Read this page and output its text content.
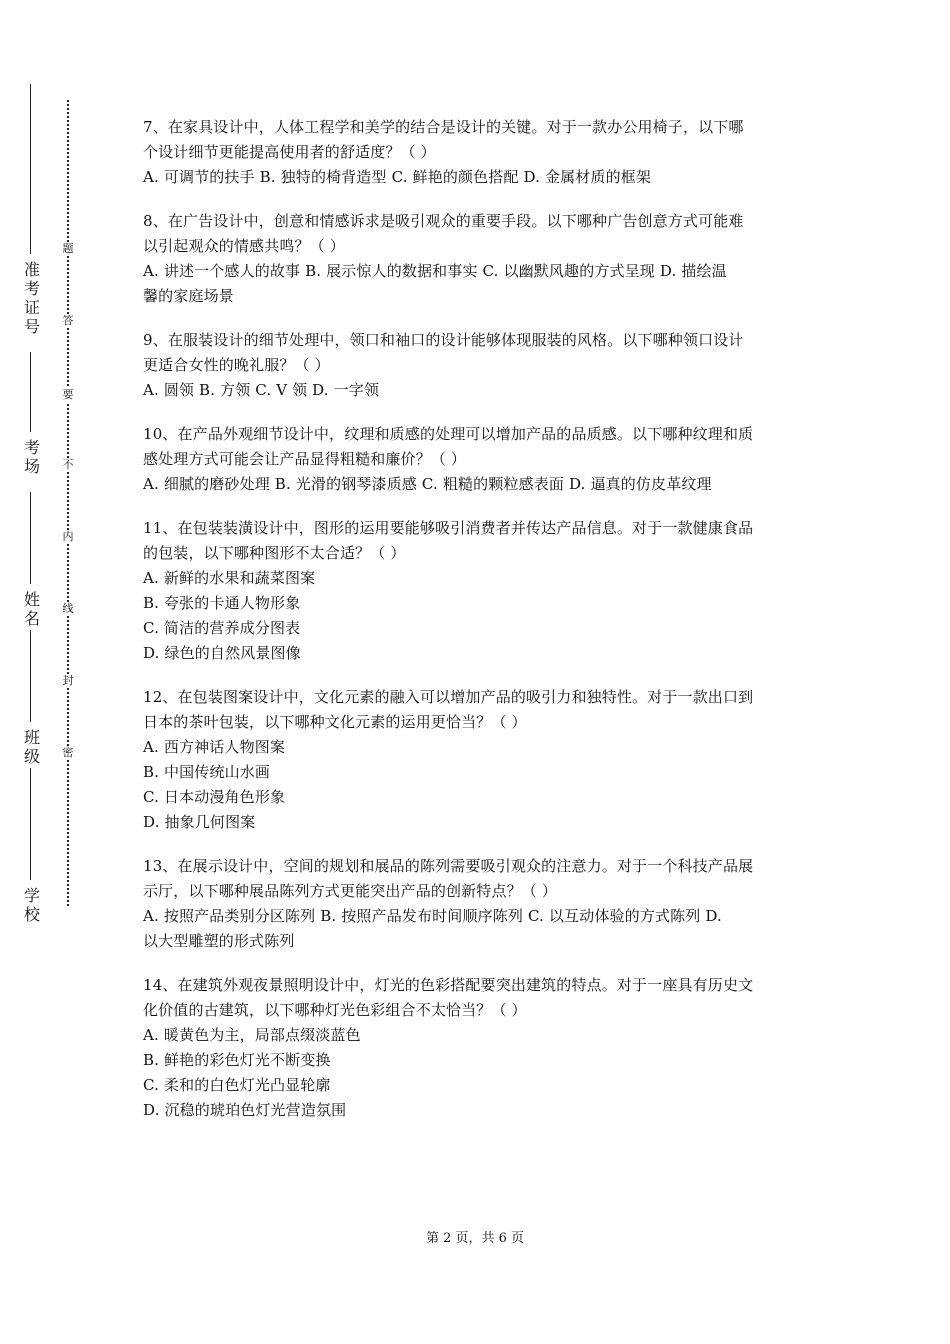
准
考
证
号
考
场
姓
名
班
级
学
校
题
答
要
不
内
线
封
密
7、在家具设计中，人体工程学和美学的结合是设计的关键。对于一款办公用椅子，以下哪
个设计细节更能提高使用者的舒适度？（ ）
A. 可调节的扶手 B. 独特的椅背造型 C. 鲜艳的颜色搭配 D. 金属材质的框架
8、在广告设计中，创意和情感诉求是吸引观众的重要手段。以下哪种广告创意方式可能难
以引起观众的情感共鸣？（ ）
A. 讲述一个感人的故事 B. 展示惊人的数据和事实 C. 以幽默风趣的方式呈现 D. 描绘温
馨的家庭场景
9、在服装设计的细节处理中，领口和袖口的设计能够体现服装的风格。以下哪种领口设计
更适合女性的晚礼服？（ ）
A. 圆领 B. 方领 C. V 领 D. 一字领
10、在产品外观细节设计中，纹理和质感的处理可以增加产品的品质感。以下哪种纹理和质
感处理方式可能会让产品显得粗糙和廉价？（ ）
A. 细腻的磨砂处理 B. 光滑的钢琴漆质感 C. 粗糙的颗粒感表面 D. 逼真的仿皮革纹理
11、在包装装潢设计中，图形的运用要能够吸引消费者并传达产品信息。对于一款健康食品
的包装，以下哪种图形不太合适？（ ）
A. 新鲜的水果和蔬菜图案
B. 夸张的卡通人物形象
C. 简洁的营养成分图表
D. 绿色的自然风景图像
12、在包装图案设计中，文化元素的融入可以增加产品的吸引力和独特性。对于一款出口到
日本的茶叶包装，以下哪种文化元素的运用更恰当？（ ）
A. 西方神话人物图案
B. 中国传统山水画
C. 日本动漫角色形象
D. 抽象几何图案
13、在展示设计中，空间的规划和展品的陈列需要吸引观众的注意力。对于一个科技产品展
示厅，以下哪种展品陈列方式更能突出产品的创新特点？（ ）
A. 按照产品类别分区陈列 B. 按照产品发布时间顺序陈列 C. 以互动体验的方式陈列 D.
以大型雕塑的形式陈列
14、在建筑外观夜景照明设计中，灯光的色彩搭配要突出建筑的特点。对于一座具有历史文
化价值的古建筑，以下哪种灯光色彩组合不太恰当？（ ）
A. 暖黄色为主，局部点缀淡蓝色
B. 鲜艳的彩色灯光不断变换
C. 柔和的白色灯光凸显轮廓
D. 沉稳的琥珀色灯光营造氛围
第 2 页，共 6 页
